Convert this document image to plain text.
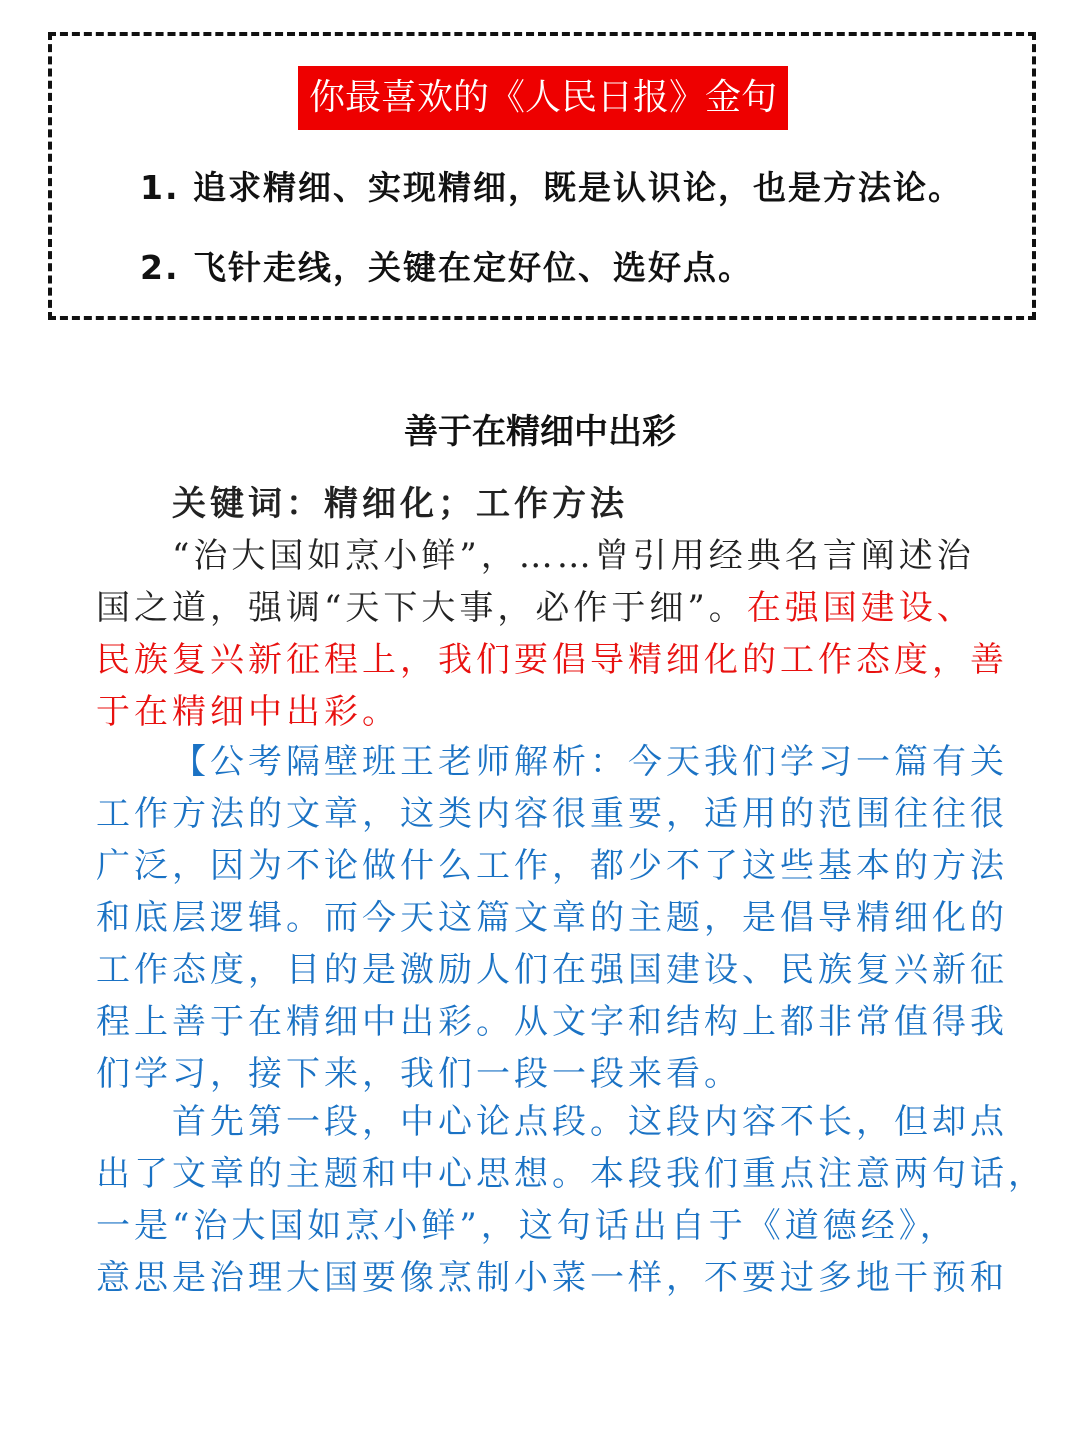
你最喜欢的《人民日报》金句
1. 追求精细、实现精细，既是认识论，也是方法论。
2. 飞针走线，关键在定好位、选好点。
善于在精细中出彩
关键词：精细化；工作方法
“治大国如烹小鲜”，……曾引用经典名言阐述治
国之道，强调“天下大事，必作于细”。在强国建设、
民族复兴新征程上，我们要倡导精细化的工作态度，善
于在精细中出彩。
【公考隔壁班王老师解析：今天我们学习一篇有关
工作方法的文章，这类内容很重要，适用的范围往往很
广泛，因为不论做什么工作，都少不了这些基本的方法
和底层逻辑。而今天这篇文章的主题，是倡导精细化的
工作态度，目的是激励人们在强国建设、民族复兴新征
程上善于在精细中出彩。从文字和结构上都非常值得我
们学习，接下来，我们一段一段来看。
首先第一段，中心论点段。这段内容不长，但却点
出了文章的主题和中心思想。本段我们重点注意两句话，
一是“治大国如烹小鲜”，这句话出自于《道德经》，
意思是治理大国要像烹制小菜一样，不要过多地干预和
